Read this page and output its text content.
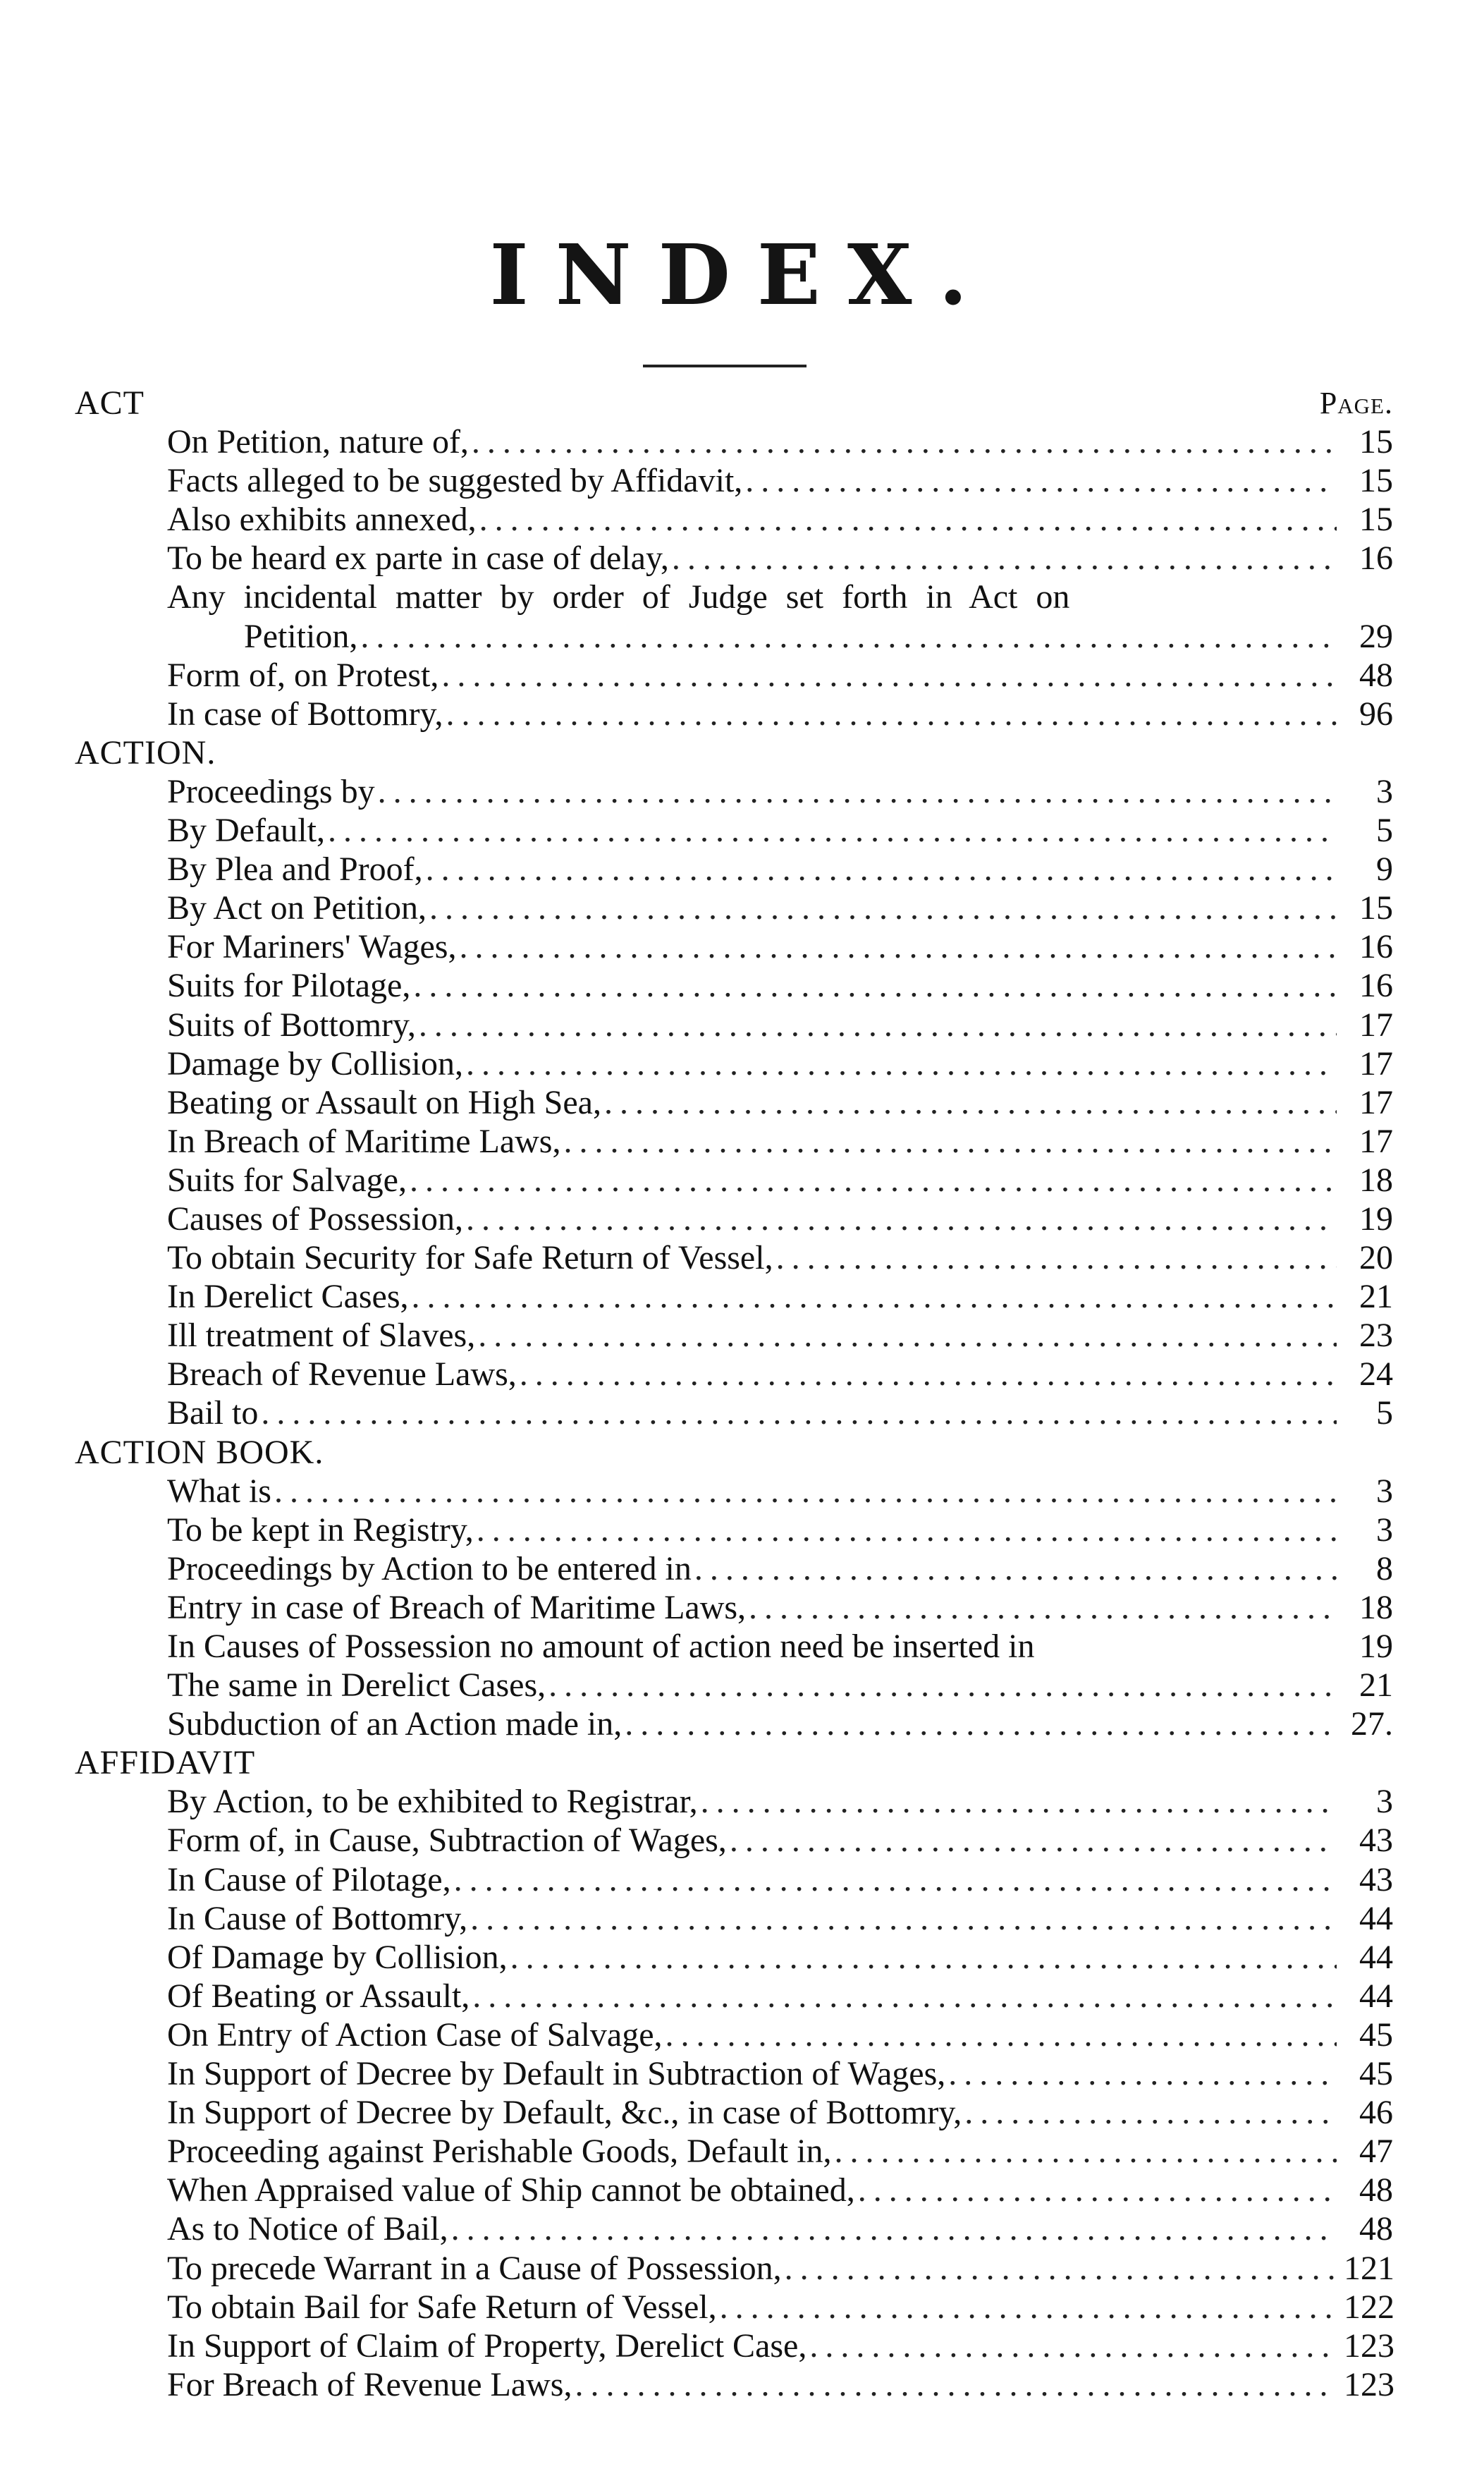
INDEX.
ACT	Page.
On Petition, nature of, .....	15
Facts alleged to be suggested by Affidavit, .....	15
Also exhibits annexed, .....	15
To be heard ex parte in case of delay, .....	16
Any incidental matter by order of Judge set forth in Act on
Petition, .....	29
Form of, on Protest, .....	48
In case of Bottomry, .....	96
ACTION.
Proceedings by .....	3
By Default, .....	5
By Plea and Proof, .....	9
By Act on Petition, .....	15
For Mariners' Wages, .....	16
Suits for Pilotage, .....	16
Suits of Bottomry, .....	17
Damage by Collision, .....	17
Beating or Assault on High Sea, .....	17
In Breach of Maritime Laws, .....	17
Suits for Salvage, .....	18
Causes of Possession, .....	19
To obtain Security for Safe Return of Vessel, .....	20
In Derelict Cases, .....	21
Ill treatment of Slaves, .....	23
Breach of Revenue Laws, .....	24
Bail to .....	5
ACTION BOOK.
What is .....	3
To be kept in Registry, .....	3
Proceedings by Action to be entered in .....	8
Entry in case of Breach of Maritime Laws, .....	18
In Causes of Possession no amount of action need be inserted in	19
The same in Derelict Cases, .....	21
Subduction of an Action made in, .....	27.
AFFIDAVIT
By Action, to be exhibited to Registrar, .....	3
Form of, in Cause, Subtraction of Wages, .....	43
In Cause of Pilotage, .....	43
In Cause of Bottomry, .....	44
Of Damage by Collision, .....	44
Of Beating or Assault, .....	44
On Entry of Action Case of Salvage, .....	45
In Support of Decree by Default in Subtraction of Wages, .....	45
In Support of Decree by Default, &c., in case of Bottomry, .....	46
Proceeding against Perishable Goods, Default in, .....	47
When Appraised value of Ship cannot be obtained, .....	48
As to Notice of Bail, .....	48
To precede Warrant in a Cause of Possession, .....	121
To obtain Bail for Safe Return of Vessel, .....	122
In Support of Claim of Property, Derelict Case, .....	123
For Breach of Revenue Laws, .....	123
